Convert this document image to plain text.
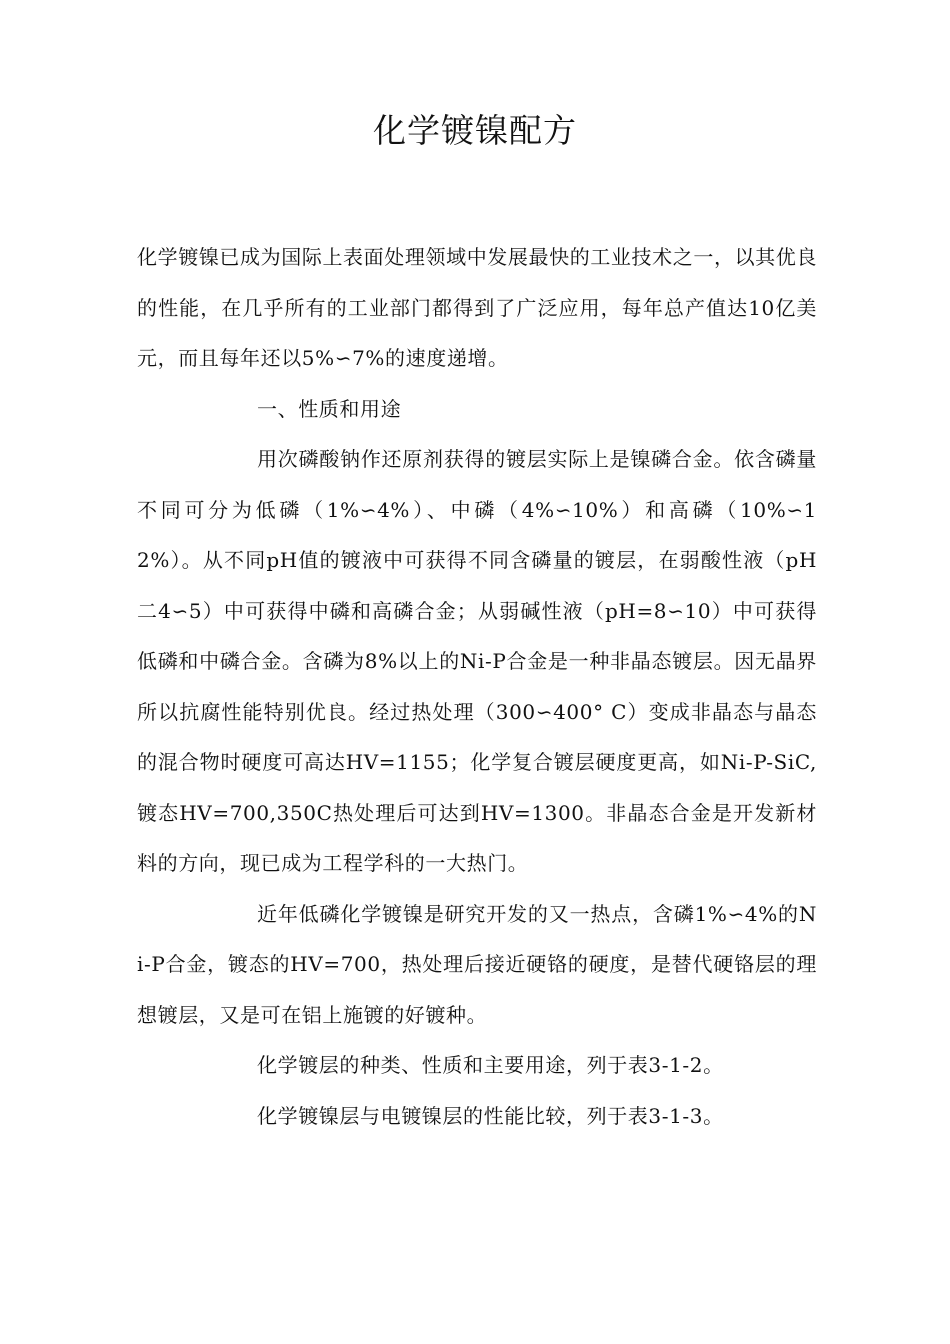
化学镀镍配方

化学镀镍已成为国际上表面处理领域中发展最快的工业技术之一，以其优良的性能，在几乎所有的工业部门都得到了广泛应用，每年总产值达10亿美元，而且每年还以5%∽7%的速度递增。

一、性质和用途

用次磷酸钠作还原剂获得的镀层实际上是镍磷合金。依含磷量不同可分为低磷（1%∽4%）、中磷（4%∽10%）和高磷（10%∽12%）。从不同pH值的镀液中可获得不同含磷量的镀层，在弱酸性液（pH二4∽5）中可获得中磷和高磷合金；从弱碱性液（pH=8∽10）中可获得低磷和中磷合金。含磷为8%以上的Ni-P合金是一种非晶态镀层。因无晶界所以抗腐性能特别优良。经过热处理（300∽400° C）变成非晶态与晶态的混合物时硬度可高达HV=1155；化学复合镀层硬度更高，如Ni-P-SiC,镀态HV=700,350C热处理后可达到HV=1300。非晶态合金是开发新材料的方向，现已成为工程学科的一大热门。

近年低磷化学镀镍是研究开发的又一热点，含磷1%∽4%的Ni-P合金，镀态的HV=700，热处理后接近硬铬的硬度，是替代硬铬层的理想镀层，又是可在铝上施镀的好镀种。

化学镀层的种类、性质和主要用途，列于表3-1-2。

化学镀镍层与电镀镍层的性能比较，列于表3-1-3。
